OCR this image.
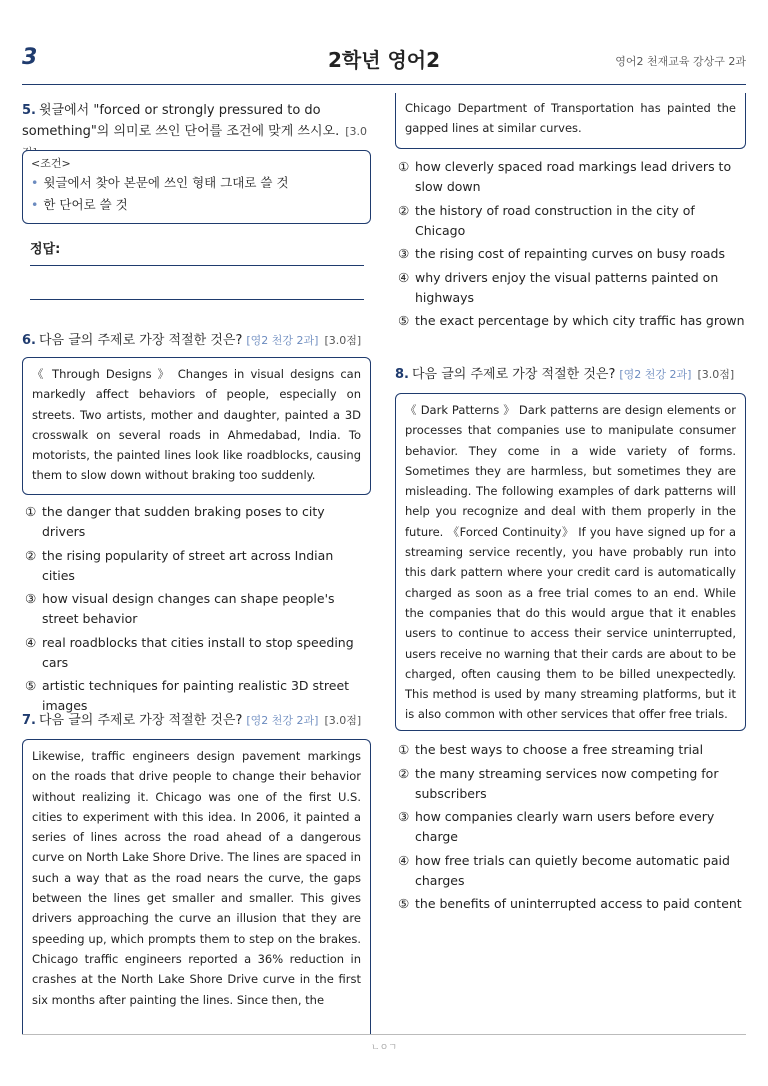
3	2학년 영어2	영어2 천재교육 강상구 2과
5. 윗글에서 "forced or strongly pressured to do something"의 의미로 쓰인 단어를 조건에 맞게 쓰시오. [3.0
<조건>
• 윗글에서 찾아 본문에 쓰인 형태 그대로 쓸 것
• 한 단어로 쓸 것
정답:
6. 다음 글의 주제로 가장 적절한 것은? [영2 천강 2과] [3.0점]
《 Through Designs 》 Changes in visual designs can markedly affect behaviors of people, especially on streets. Two artists, mother and daughter, painted a 3D crosswalk on several roads in Ahmedabad, India. To motorists, the painted lines look like roadblocks, causing them to slow down without braking too suddenly.
① the danger that sudden braking poses to city drivers
② the rising popularity of street art across Indian cities
③ how visual design changes can shape people's street behavior
④ real roadblocks that cities install to stop speeding cars
⑤ artistic techniques for painting realistic 3D street images
7. 다음 글의 주제로 가장 적절한 것은? [영2 천강 2과] [3.0점]
Likewise, traffic engineers design pavement markings on the roads that drive people to change their behavior without realizing it. Chicago was one of the first U.S. cities to experiment with this idea. In 2006, it painted a series of lines across the road ahead of a dangerous curve on North Lake Shore Drive. The lines are spaced in such a way that as the road nears the curve, the gaps between the lines get smaller and smaller. This gives drivers approaching the curve an illusion that they are speeding up, which prompts them to step on the brakes. Chicago traffic engineers reported a 36% reduction in crashes at the North Lake Shore Drive curve in the first six months after painting the lines. Since then, the
Chicago Department of Transportation has painted the gapped lines at similar curves.
① how cleverly spaced road markings lead drivers to slow down
② the history of road construction in the city of Chicago
③ the rising cost of repainting curves on busy roads
④ why drivers enjoy the visual patterns painted on highways
⑤ the exact percentage by which city traffic has grown
8. 다음 글의 주제로 가장 적절한 것은? [영2 천강 2과] [3.0점]
《 Dark Patterns 》 Dark patterns are design elements or processes that companies use to manipulate consumer behavior. They come in a wide variety of forms. Sometimes they are harmless, but sometimes they are misleading. The following examples of dark patterns will help you recognize and deal with them properly in the future. 《Forced Continuity》 If you have signed up for a streaming service recently, you have probably run into this dark pattern where your credit card is automatically charged as soon as a free trial comes to an end. While the companies that do this would argue that it enables users to continue to access their service uninterrupted, users receive no warning that their cards are about to be charged, often causing them to be billed unexpectedly. This method is used by many streaming platforms, but it is also common with other services that offer free trials.
① the best ways to choose a free streaming trial
② the many streaming services now competing for subscribers
③ how companies clearly warn users before every charge
④ how free trials can quietly become automatic paid charges
⑤ the benefits of uninterrupted access to paid content
ㄴㅇㄱ
